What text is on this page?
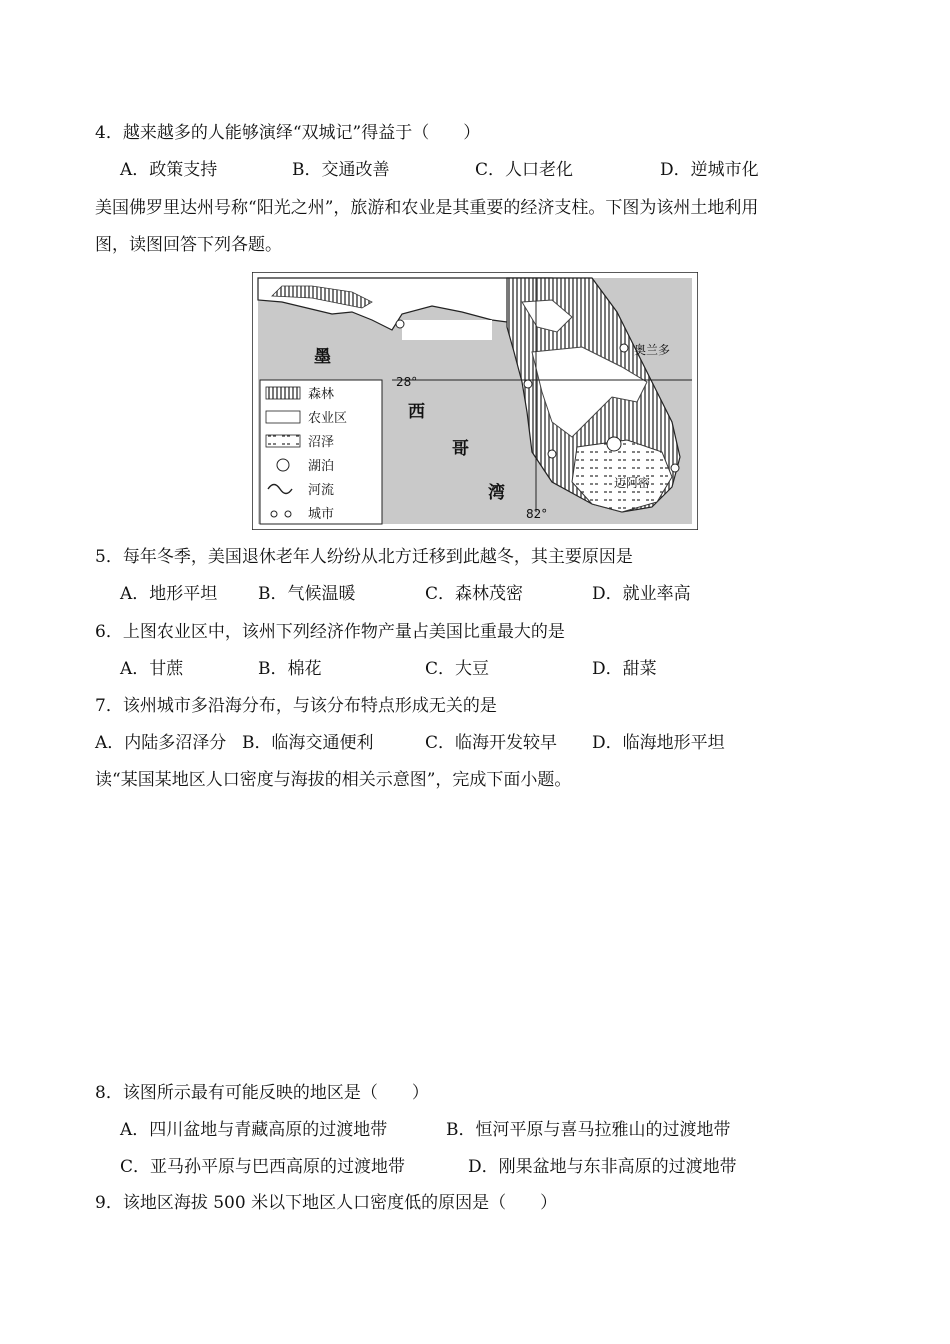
4．越来越多的人能够演绎“双城记”得益于（　　）
A．政策支持	B．交通改善	C．人口老化	D．逆城市化
美国佛罗里达州号称“阳光之州”，旅游和农业是其重要的经济支柱。下图为该州土地利用
图，读图回答下列各题。
森林
农业区
沼泽
湖泊
河流
城市
墨
西
哥
湾
28°
82°
奥兰多
迈阿密
5．每年冬季，美国退休老年人纷纷从北方迁移到此越冬，其主要原因是
A．地形平坦 B．气候温暖	C．森林茂密	D．就业率高
6．上图农业区中，该州下列经济作物产量占美国比重最大的是
A．甘蔗	B．棉花	C．大豆	D．甜菜
7．该州城市多沿海分布，与该分布特点形成无关的是
A．内陆多沼泽分 B．临海交通便利	C．临海开发较早 D．临海地形平坦
读“某国某地区人口密度与海拔的相关示意图”，完成下面小题。
8．该图所示最有可能反映的地区是（　　）
A．四川盆地与青藏高原的过渡地带	B．恒河平原与喜马拉雅山的过渡地带
C．亚马孙平原与巴西高原的过渡地带	D．刚果盆地与东非高原的过渡地带
9．该地区海拔 500 米以下地区人口密度低的原因是（　　）
